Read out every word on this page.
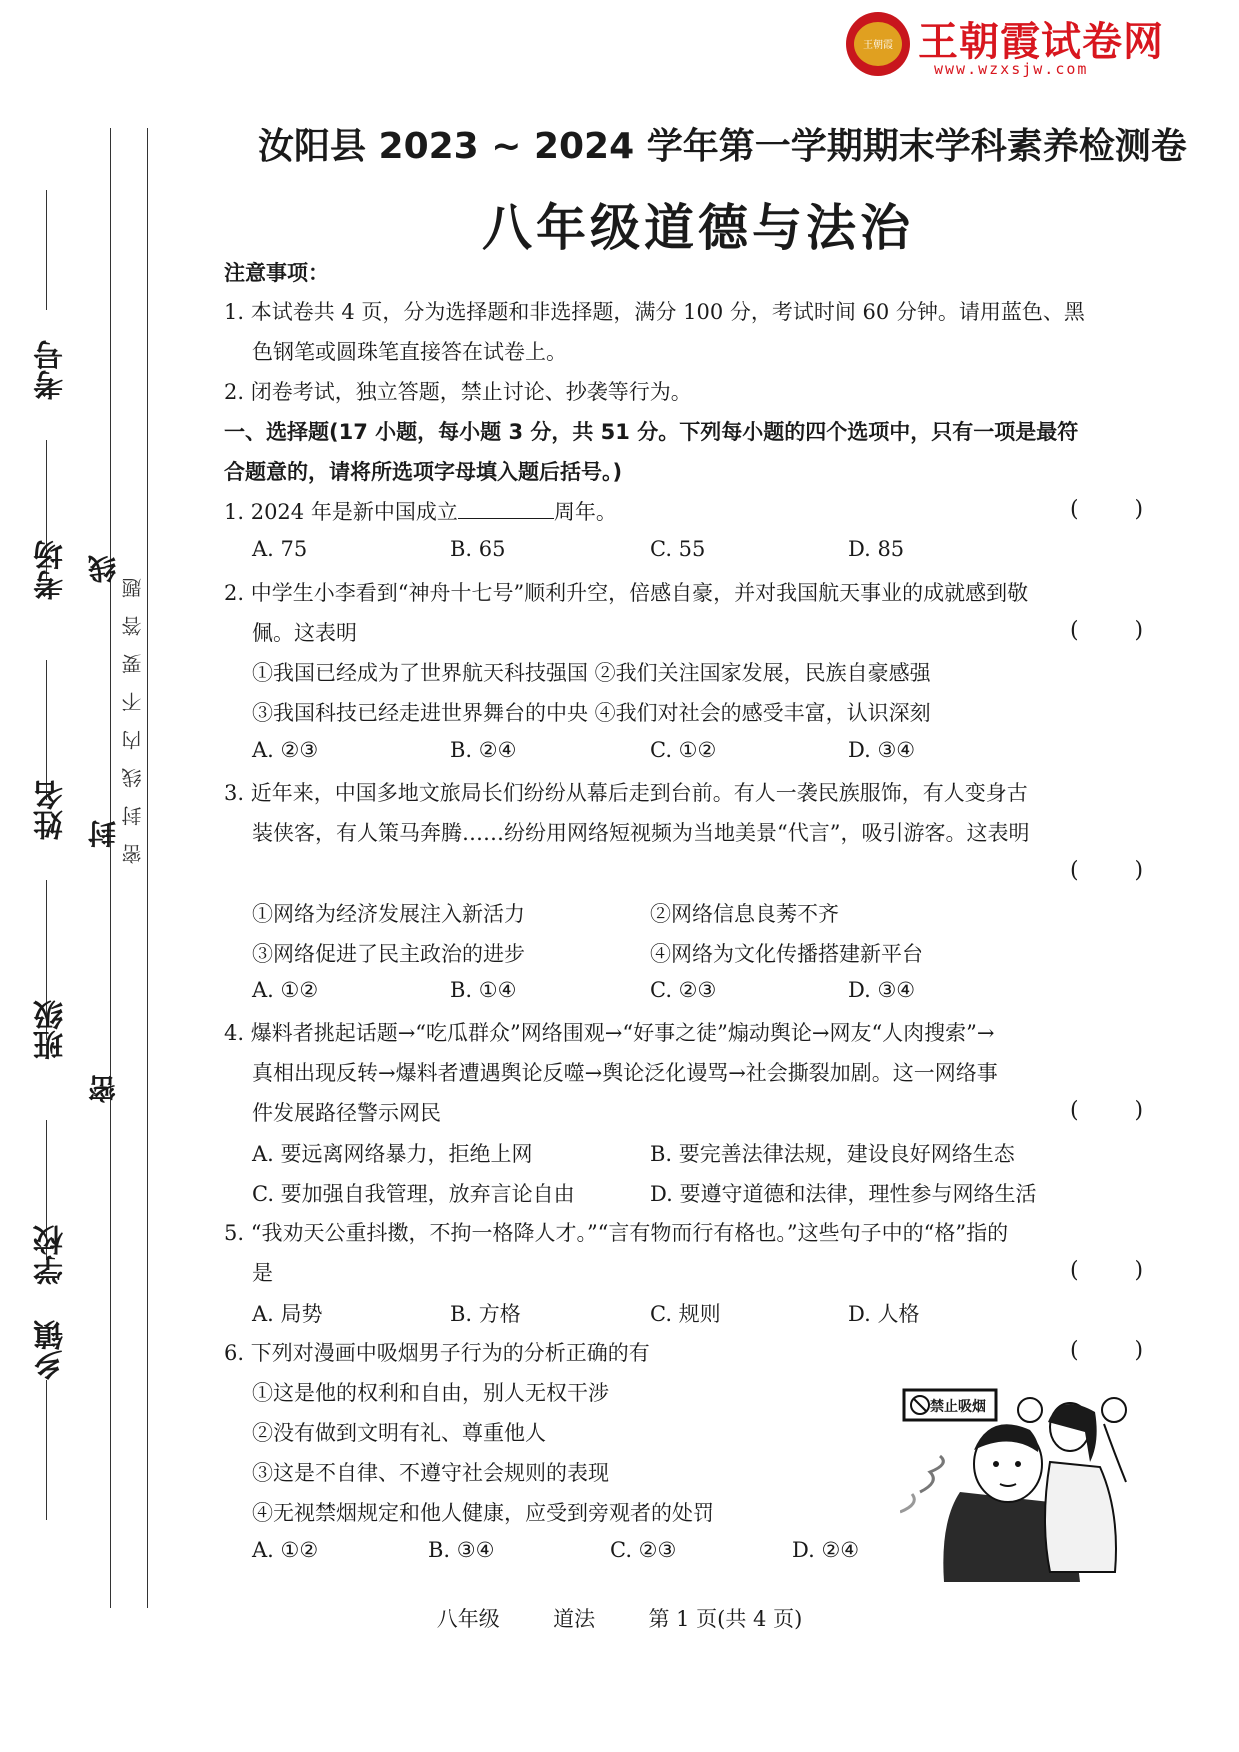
王朝霞 王朝霞试卷网
www.wzxsjw.com
考号
考场
姓名
班级
学校
乡镇
线
封
密
密封线内不要答题
汝阳县 2023 ~ 2024 学年第一学期期末学科素养检测卷
八年级道德与法治
注意事项：
1. 本试卷共 4 页，分为选择题和非选择题，满分 100 分，考试时间 60 分钟。请用蓝色、黑
色钢笔或圆珠笔直接答在试卷上。
2. 闭卷考试，独立答题，禁止讨论、抄袭等行为。
一、选择题(17 小题，每小题 3 分，共 51 分。下列每小题的四个选项中，只有一项是最符
合题意的，请将所选项字母填入题后括号。)
1. 2024 年是新中国成立	周年。	(        )
A. 75	B. 65	C. 55	D. 85
2. 中学生小李看到“神舟十七号”顺利升空，倍感自豪，并对我国航天事业的成就感到敬
佩。这表明	(        )
①我国已经成为了世界航天科技强国 ②我们关注国家发展，民族自豪感强
③我国科技已经走进世界舞台的中央 ④我们对社会的感受丰富，认识深刻
A. ②③	B. ②④	C. ①②	D. ③④
3. 近年来，中国多地文旅局长们纷纷从幕后走到台前。有人一袭民族服饰，有人变身古
装侠客，有人策马奔腾……纷纷用网络短视频为当地美景“代言”，吸引游客。这表明
(        )
①网络为经济发展注入新活力	②网络信息良莠不齐
③网络促进了民主政治的进步	④网络为文化传播搭建新平台
A. ①②	B. ①④	C. ②③	D. ③④
4. 爆料者挑起话题→“吃瓜群众”网络围观→“好事之徒”煽动舆论→网友“人肉搜索”→
真相出现反转→爆料者遭遇舆论反噬→舆论泛化谩骂→社会撕裂加剧。这一网络事
件发展路径警示网民	(        )
A. 要远离网络暴力，拒绝上网	B. 要完善法律法规，建设良好网络生态
C. 要加强自我管理，放弃言论自由	D. 要遵守道德和法律，理性参与网络生活
5. “我劝天公重抖擞，不拘一格降人才。”“言有物而行有格也。”这些句子中的“格”指的
是	(        )
A. 局势	B. 方格	C. 规则	D. 人格
6. 下列对漫画中吸烟男子行为的分析正确的有	(        )
①这是他的权利和自由，别人无权干涉
②没有做到文明有礼、尊重他人
③这是不自律、不遵守社会规则的表现
④无视禁烟规定和他人健康，应受到旁观者的处罚
A. ①②	B. ③④	C. ②③	D. ②④
禁止吸烟
八年级	道法	第 1 页(共 4 页)
